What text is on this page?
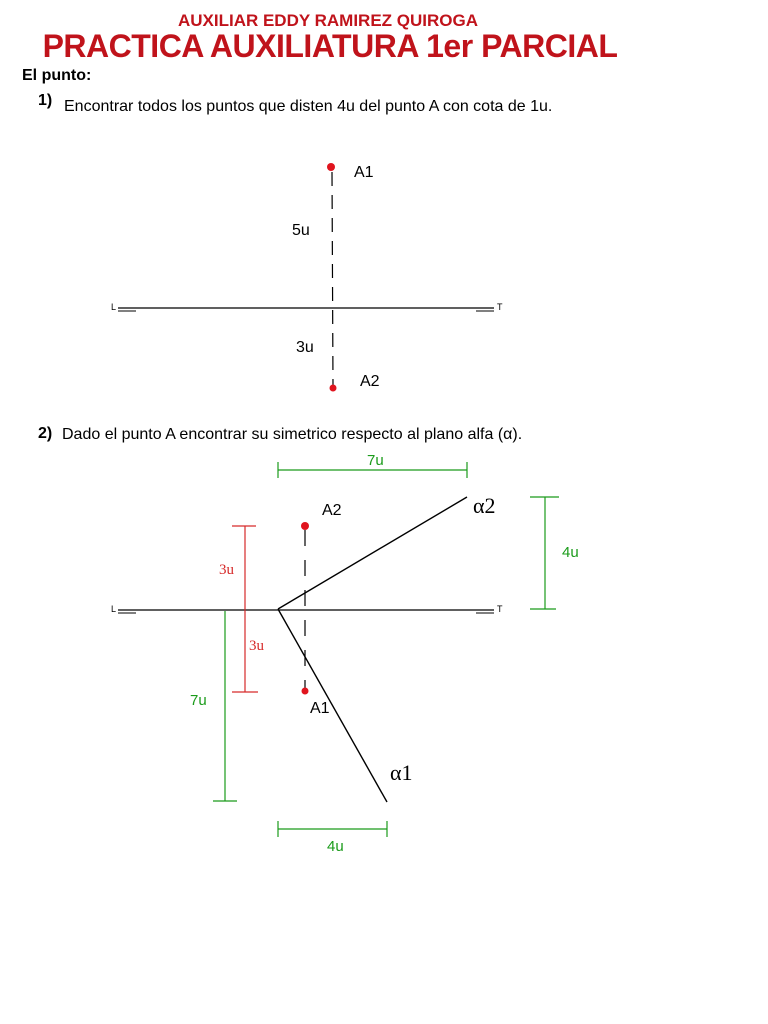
AUXILIAR EDDY RAMIREZ QUIROGA
PRACTICA AUXILIATURA 1er PARCIAL
El punto:
1) Encontrar todos los puntos que disten 4u del punto A con cota de 1u.
2) Dado el punto A encontrar su simetrico respecto al plano alfa (α).
L	T
A1
A2
5u
3u
L	T
α2
α1
A2
A1
7u
4u
3u
3u
7u
4u
